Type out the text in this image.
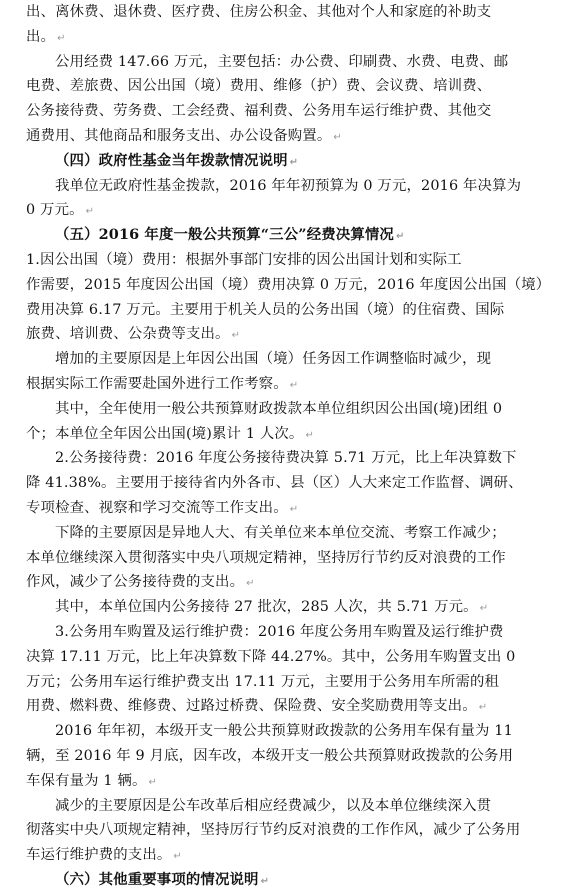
出、离休费、退休费、医疗费、住房公积金、其他对个人和家庭的补助支
出。 ↵
公用经费 147.66 万元，主要包括：办公费、印刷费、水费、电费、邮
电费、差旅费、因公出国（境）费用、维修（护）费、会议费、培训费、
公务接待费、劳务费、工会经费、福利费、公务用车运行维护费、其他交
通费用、其他商品和服务支出、办公设备购置。 ↵
（四）政府性基金当年拨款情况说明 ↵
我单位无政府性基金拨款，2016 年年初预算为 0 万元，2016 年决算为
0 万元。 ↵
（五）2016 年度一般公共预算“三公”经费决算情况 ↵
1.因公出国（境）费用：根据外事部门安排的因公出国计划和实际工
作需要，2015 年度因公出国（境）费用决算 0 万元，2016 年度因公出国（境）
费用决算 6.17 万元。主要用于机关人员的公务出国（境）的住宿费、国际
旅费、培训费、公杂费等支出。 ↵
增加的主要原因是上年因公出国（境）任务因工作调整临时减少，现
根据实际工作需要赴国外进行工作考察。 ↵
其中，全年使用一般公共预算财政拨款本单位组织因公出国(境)团组 0
个；本单位全年因公出国(境)累计 1 人次。 ↵
2.公务接待费：2016 年度公务接待费决算 5.71 万元，比上年决算数下
降 41.38%。主要用于接待省内外各市、县（区）人大来定工作监督、调研、
专项检查、视察和学习交流等工作支出。 ↵
下降的主要原因是异地人大、有关单位来本单位交流、考察工作减少；
本单位继续深入贯彻落实中央八项规定精神，坚持厉行节约反对浪费的工作
作风，减少了公务接待费的支出。 ↵
其中，本单位国内公务接待 27 批次，285 人次，共 5.71 万元。 ↵
3.公务用车购置及运行维护费：2016 年度公务用车购置及运行维护费
决算 17.11 万元，比上年决算数下降 44.27%。其中，公务用车购置支出 0
万元；公务用车运行维护费支出 17.11 万元，主要用于公务用车所需的租
用费、燃料费、维修费、过路过桥费、保险费、安全奖励费用等支出。 ↵
2016 年年初，本级开支一般公共预算财政拨款的公务用车保有量为 11
辆，至 2016 年 9 月底，因车改，本级开支一般公共预算财政拨款的公务用
车保有量为 1 辆。 ↵
减少的主要原因是公车改革后相应经费减少，以及本单位继续深入贯
彻落实中央八项规定精神，坚持厉行节约反对浪费的工作作风，减少了公务用
车运行维护费的支出。 ↵
（六）其他重要事项的情况说明 ↵
